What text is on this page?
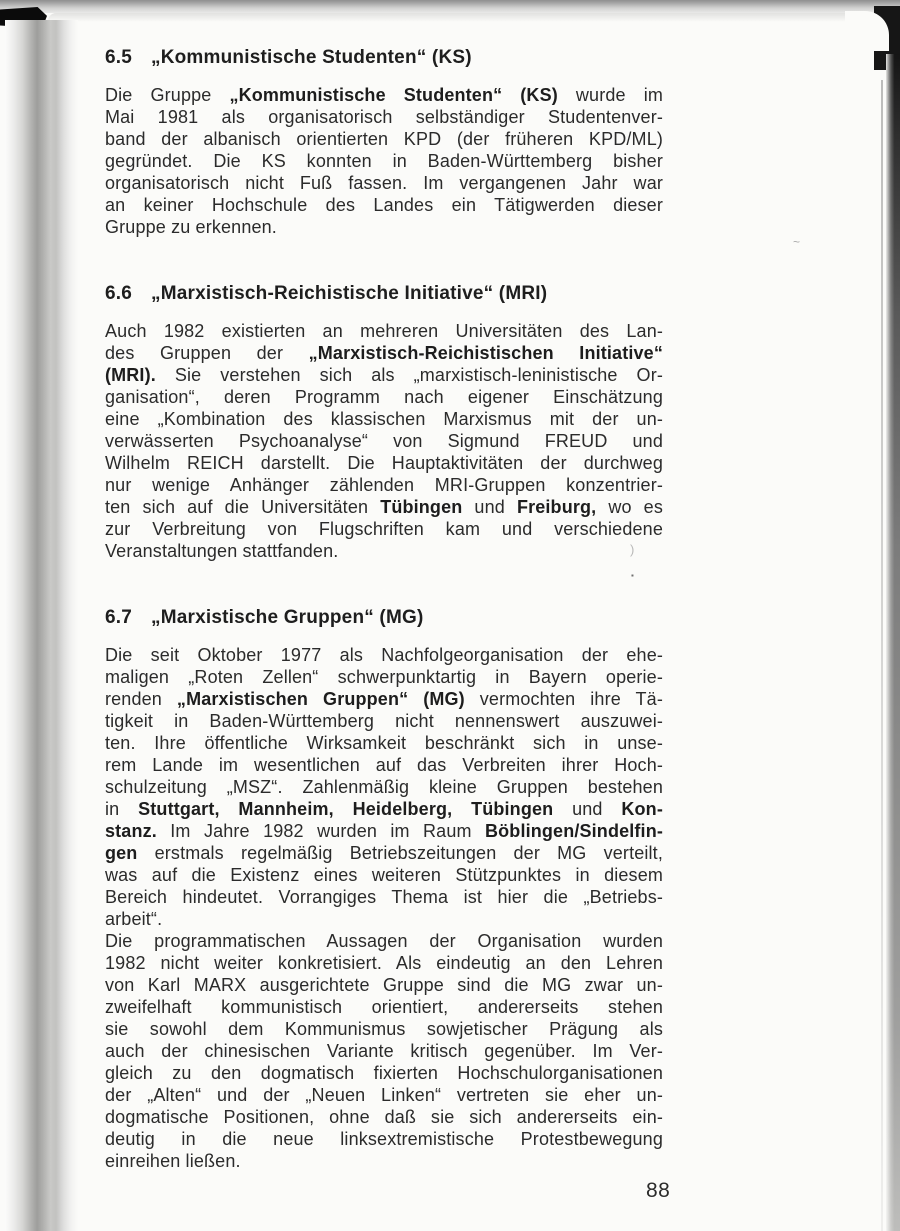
6.5 „Kommunistische Studenten“ (KS)
Die Gruppe „Kommunistische Studenten“ (KS) wurde im
Mai 1981 als organisatorisch selbständiger Studentenver-
band der albanisch orientierten KPD (der früheren KPD/ML)
gegründet. Die KS konnten in Baden-Württemberg bisher
organisatorisch nicht Fuß fassen. Im vergangenen Jahr war
an keiner Hochschule des Landes ein Tätigwerden dieser
Gruppe zu erkennen.
6.6 „Marxistisch-Reichistische Initiative“ (MRI)
Auch 1982 existierten an mehreren Universitäten des Lan-
des Gruppen der „Marxistisch-Reichistischen Initiative“
(MRI). Sie verstehen sich als „marxistisch-leninistische Or-
ganisation“, deren Programm nach eigener Einschätzung
eine „Kombination des klassischen Marxismus mit der un-
verwässerten Psychoanalyse“ von Sigmund FREUD und
Wilhelm REICH darstellt. Die Hauptaktivitäten der durchweg
nur wenige Anhänger zählenden MRI-Gruppen konzentrier-
ten sich auf die Universitäten Tübingen und Freiburg, wo es
zur Verbreitung von Flugschriften kam und verschiedene
Veranstaltungen stattfanden.
6.7 „Marxistische Gruppen“ (MG)
Die seit Oktober 1977 als Nachfolgeorganisation der ehe-
maligen „Roten Zellen“ schwerpunktartig in Bayern operie-
renden „Marxistischen Gruppen“ (MG) vermochten ihre Tä-
tigkeit in Baden-Württemberg nicht nennenswert auszuwei-
ten. Ihre öffentliche Wirksamkeit beschränkt sich in unse-
rem Lande im wesentlichen auf das Verbreiten ihrer Hoch-
schulzeitung „MSZ“. Zahlenmäßig kleine Gruppen bestehen
in Stuttgart, Mannheim, Heidelberg, Tübingen und Kon-
stanz. Im Jahre 1982 wurden im Raum Böblingen/Sindelfin-
gen erstmals regelmäßig Betriebszeitungen der MG verteilt,
was auf die Existenz eines weiteren Stützpunktes in diesem
Bereich hindeutet. Vorrangiges Thema ist hier die „Betriebs-
arbeit“.
Die programmatischen Aussagen der Organisation wurden
1982 nicht weiter konkretisiert. Als eindeutig an den Lehren
von Karl MARX ausgerichtete Gruppe sind die MG zwar un-
zweifelhaft kommunistisch orientiert, andererseits stehen
sie sowohl dem Kommunismus sowjetischer Prägung als
auch der chinesischen Variante kritisch gegenüber. Im Ver-
gleich zu den dogmatisch fixierten Hochschulorganisationen
der „Alten“ und der „Neuen Linken“ vertreten sie eher un-
dogmatische Positionen, ohne daß sie sich andererseits ein-
deutig in die neue linksextremistische Protestbewegung
einreihen ließen.
88
)
▪
~
